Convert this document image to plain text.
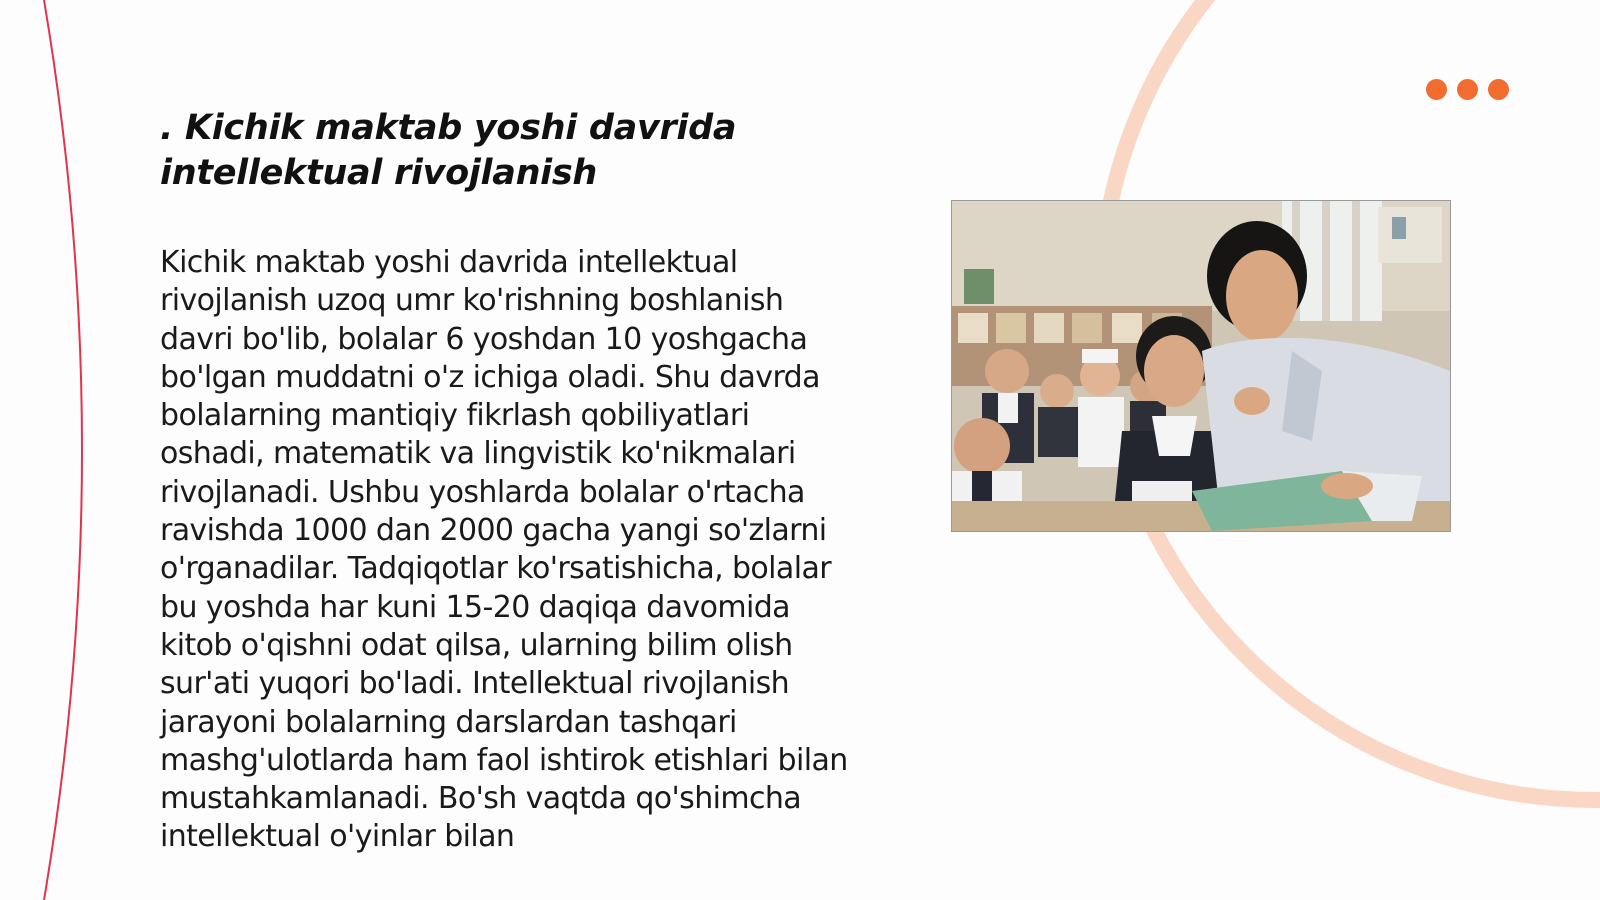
. Kichik maktab yoshi davrida intellektual rivojlanish

Kichik maktab yoshi davrida intellektual rivojlanish uzoq umr ko'rishning boshlanish davri bo'lib, bolalar 6 yoshdan 10 yoshgacha bo'lgan muddatni o'z ichiga oladi. Shu davrda bolalarning mantiqiy fikrlash qobiliyatlari oshadi, matematik va lingvistik ko'nikmalari rivojlanadi. Ushbu yoshlarda bolalar o'rtacha ravishda 1000 dan 2000 gacha yangi so'zlarni o'rganadilar. Tadqiqotlar ko'rsatishicha, bolalar bu yoshda har kuni 15-20 daqiqa davomida kitob o'qishni odat qilsa, ularning bilim olish sur'ati yuqori bo'ladi. Intellektual rivojlanish jarayoni bolalarning darslardan tashqari mashg'ulotlarda ham faol ishtirok etishlari bilan mustahkamlanadi. Bo'sh vaqtda qo'shimcha intellektual o'yinlar bilan
